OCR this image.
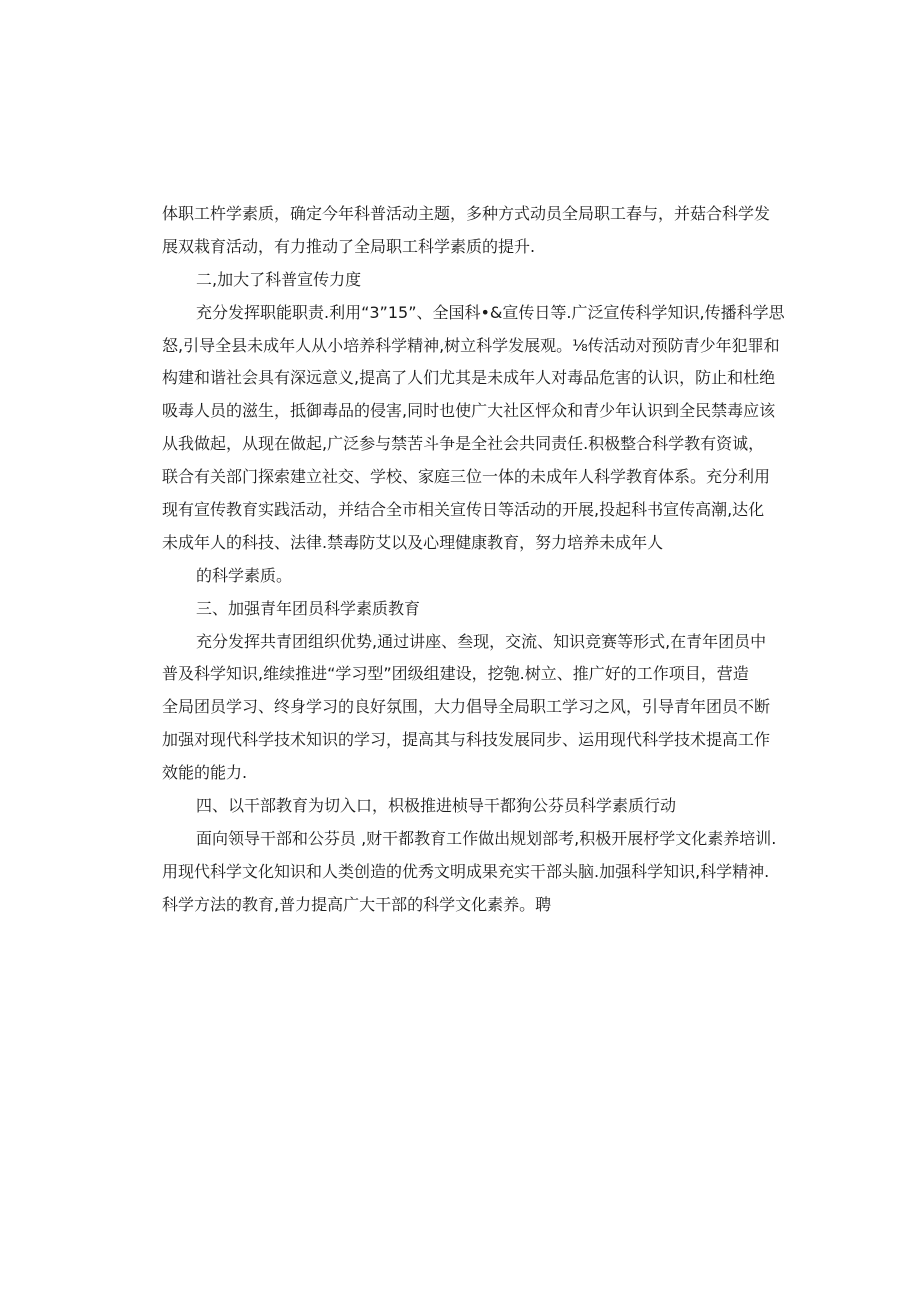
体职工杵学素质，确定今年科普活动主题，多种方式动员全局职工春与，并菇合科学发
展双栽育活动，有力推动了全局职工科学素质的提升.
二,加大了科普宣传力度
充分发挥职能职责.利用“3”15”、全国科•&宣传日等.广泛宣传科学知识,传播科学思
怒,引导全县未成年人从小培养科学精神,树立科学发展观。⅛传活动对预防青少年犯罪和
构建和谐社会具有深远意义,提高了人们尤其是未成年人对毒品危害的认识，防止和杜绝
吸毒人员的滋生，抵御毒品的侵害,同时也使广大社区怦众和青少年认识到全民禁毒应该
从我做起，从现在做起,广泛参与禁苦斗争是全社会共同责任.积极整合科学教有资诚，
联合有关部门探索建立社交、学校、家庭三位一体的未成年人科学教育体系。充分利用
现有宣传教育实践活动，并结合全市相关宣传日等活动的开展,投起科书宣传高潮,达化
未成年人的科技、法律.禁毒防艾以及心理健康教育，努力培养未成年人
的科学素质。
三、加强青年团员科学素质教育
充分发挥共青团组织优势,通过讲座、叁现，交流、知识竞赛等形式,在青年团员中
普及科学知识,维续推进“学习型”团级组建设，挖匏.树立、推广好的工作项目，营造
全局团员学习、终身学习的良好氛围，大力倡导全局职工学习之风，引导青年团员不断
加强对现代科学技术知识的学习，提高其与科技发展同步、运用现代科学技术提高工作
效能的能力.
四、以干部教育为切入口，枳极推进桢导干都狗公芬员科学素质行动
面向领导干部和公芬员 ,财干都教育工作做出规划部考,积极开展杼学文化素养培训.
用现代科学文化知识和人类创造的优秀文明成果充实干部头脑.加强科学知识,科学精神.
科学方法的教育,普力提高广大干部的科学文化素养。聘
